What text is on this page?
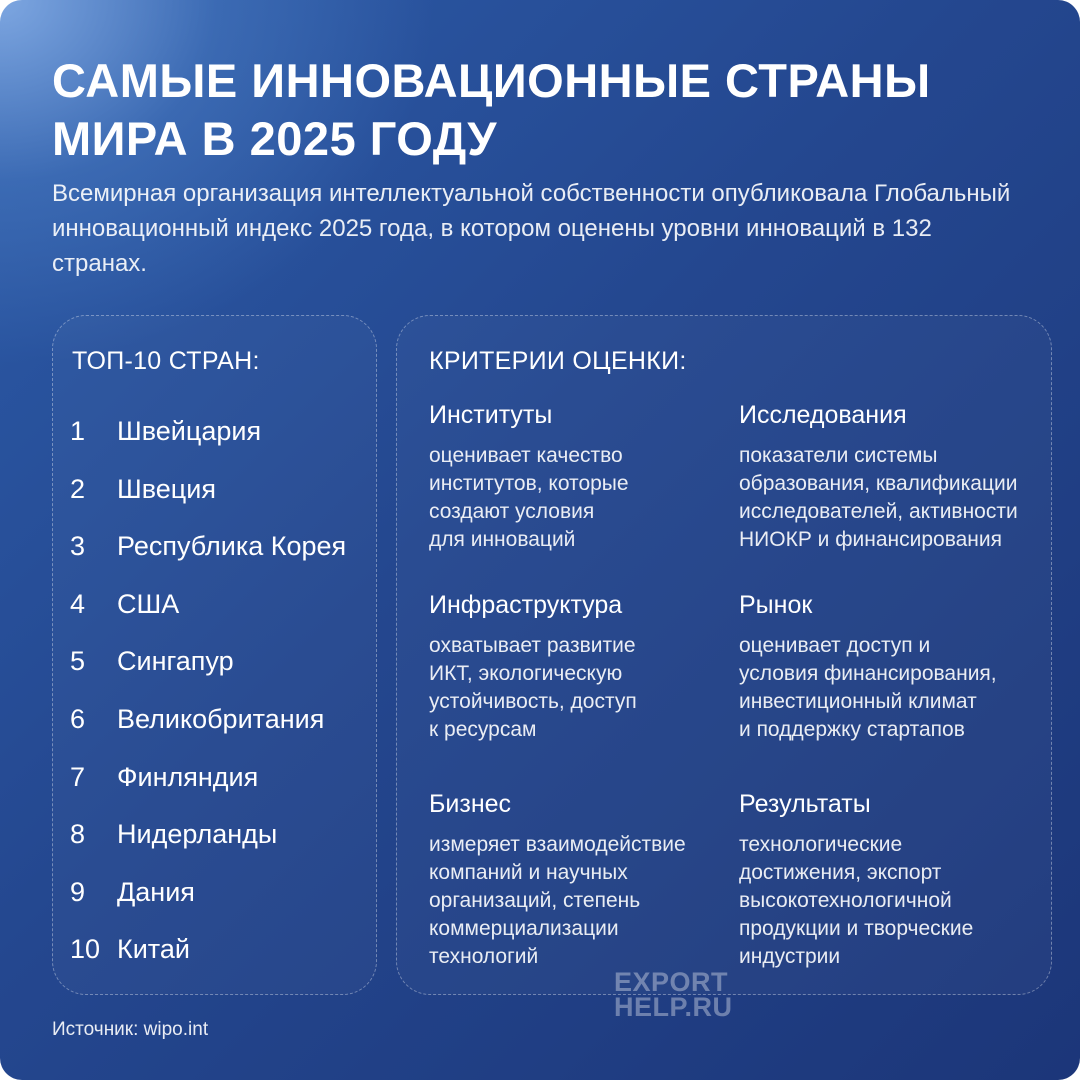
САМЫЕ ИННОВАЦИОННЫЕ СТРАНЫ МИРА В 2025 ГОДУ

Всемирная организация интеллектуальной собственности опубликовала Глобальный инновационный индекс 2025 года, в котором оценены уровни инноваций в 132 странах.

ТОП-10 СТРАН:
1	Швейцария
2	Швеция
3	Республика Корея
4	США
5	Сингапур
6	Великобритания
7	Финляндия
8	Нидерланды
9	Дания
10 Китай
КРИТЕРИИ ОЦЕНКИ:
Институты

оценивает качество
институтов, которые
создают условия
для инноваций

Исследования

показатели системы
образования, квалификации
исследователей, активности
НИОКР и финансирования

Инфраструктура

охватывает развитие
ИКТ, экологическую
устойчивость, доступ
к ресурсам

Рынок

оценивает доступ и
условия финансирования,
инвестиционный климат
и поддержку стартапов

Бизнес

измеряет взаимодействие
компаний и научных
организаций, степень
коммерциализации
технологий

Результаты

технологические
достижения, экспорт
высокотехнологичной
продукции и творческие
индустрии

EXPORT
HELP.RU
Источник: wipo.int
